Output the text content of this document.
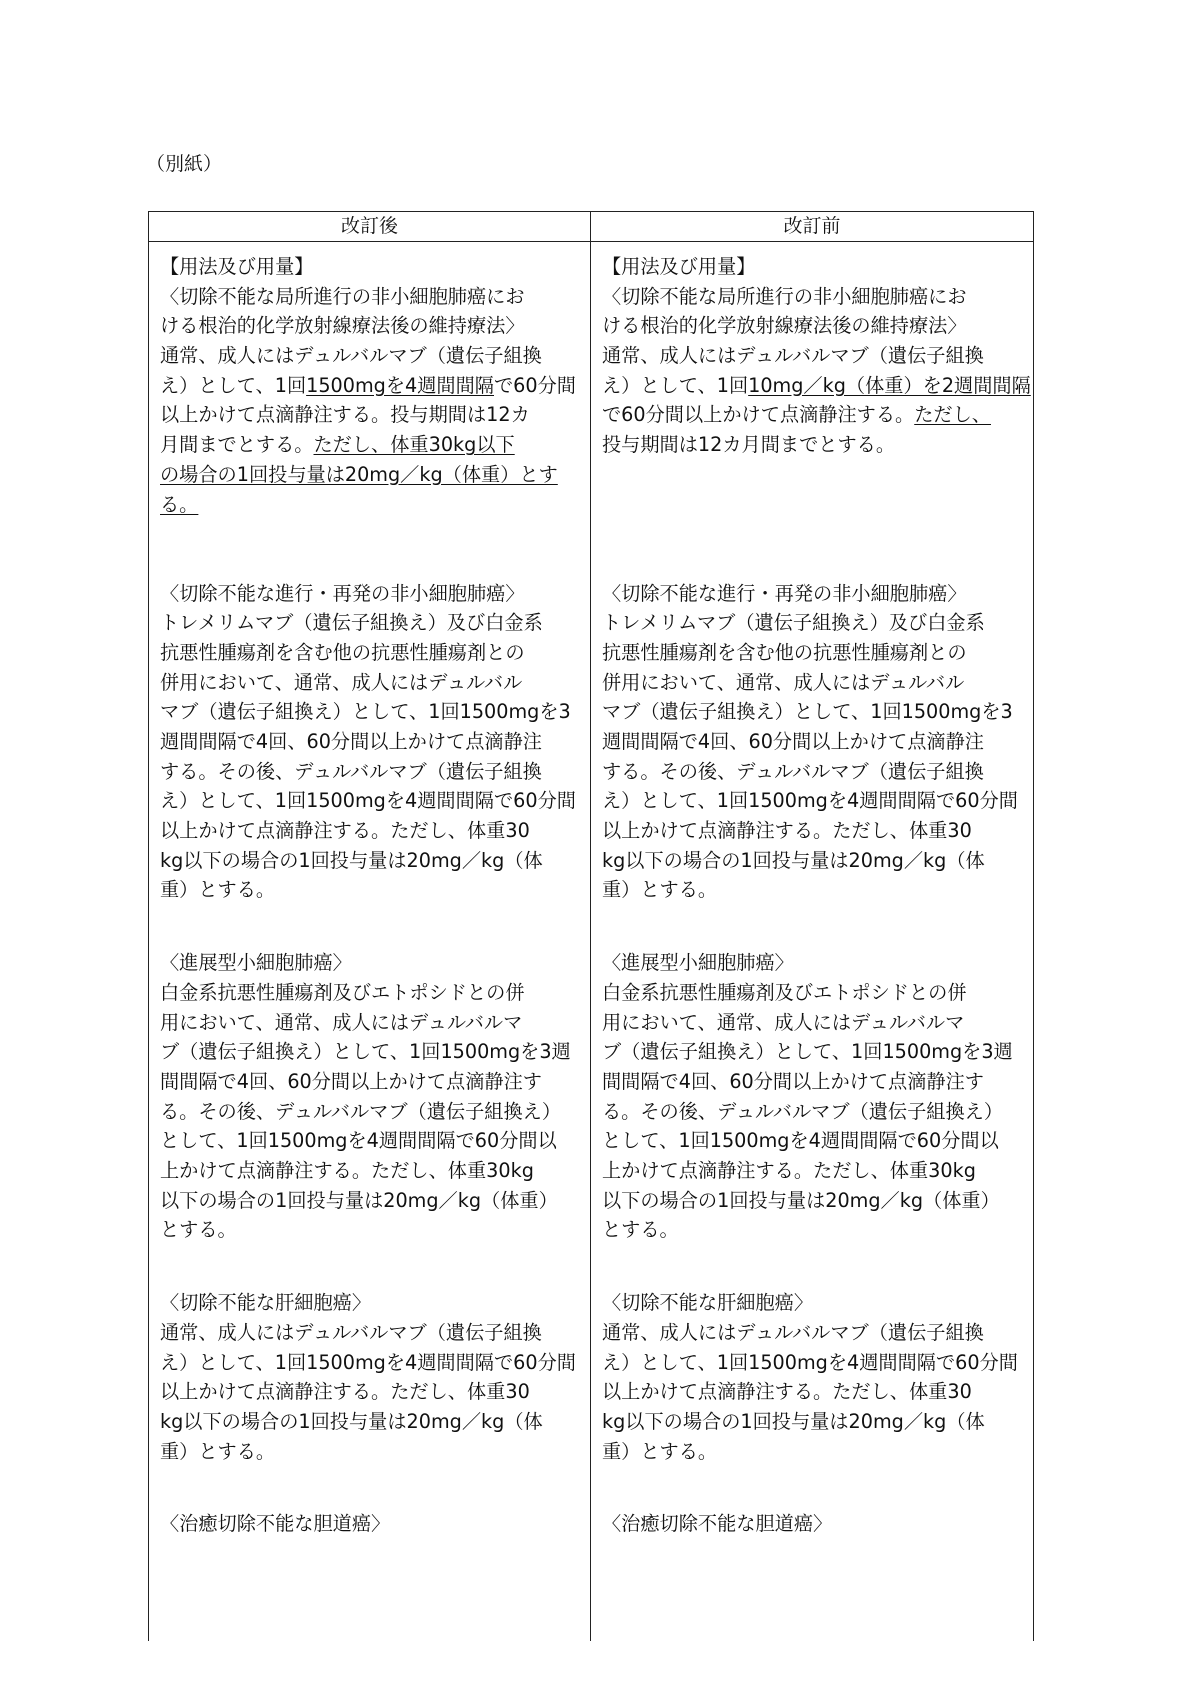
（別紙）
改訂後	改訂前
【用法及び用量】
〈切除不能な局所進行の非小細胞肺癌にお
ける根治的化学放射線療法後の維持療法〉
通常、成人にはデュルバルマブ（遺伝子組換
え）として、1回1500mgを4週間間隔で60分間
以上かけて点滴静注する。投与期間は12カ
月間までとする。ただし、体重30kg以下
の場合の1回投与量は20mg／kg（体重）とす
る。
〈切除不能な進行・再発の非小細胞肺癌〉
トレメリムマブ（遺伝子組換え）及び白金系
抗悪性腫瘍剤を含む他の抗悪性腫瘍剤との
併用において、通常、成人にはデュルバル
マブ（遺伝子組換え）として、1回1500mgを3
週間間隔で4回、60分間以上かけて点滴静注
する。その後、デュルバルマブ（遺伝子組換
え）として、1回1500mgを4週間間隔で60分間
以上かけて点滴静注する。ただし、体重30
kg以下の場合の1回投与量は20mg／kg（体
重）とする。
〈進展型小細胞肺癌〉
白金系抗悪性腫瘍剤及びエトポシドとの併
用において、通常、成人にはデュルバルマ
ブ（遺伝子組換え）として、1回1500mgを3週
間間隔で4回、60分間以上かけて点滴静注す
る。その後、デュルバルマブ（遺伝子組換え）
として、1回1500mgを4週間間隔で60分間以
上かけて点滴静注する。ただし、体重30kg
以下の場合の1回投与量は20mg／kg（体重）
とする。
〈切除不能な肝細胞癌〉
通常、成人にはデュルバルマブ（遺伝子組換
え）として、1回1500mgを4週間間隔で60分間
以上かけて点滴静注する。ただし、体重30
kg以下の場合の1回投与量は20mg／kg（体
重）とする。
〈治癒切除不能な胆道癌〉
【用法及び用量】
〈切除不能な局所進行の非小細胞肺癌にお
ける根治的化学放射線療法後の維持療法〉
通常、成人にはデュルバルマブ（遺伝子組換
え）として、1回10mg／kg（体重）を2週間間隔
で60分間以上かけて点滴静注する。ただし、
投与期間は12カ月間までとする。
〈切除不能な進行・再発の非小細胞肺癌〉
トレメリムマブ（遺伝子組換え）及び白金系
抗悪性腫瘍剤を含む他の抗悪性腫瘍剤との
併用において、通常、成人にはデュルバル
マブ（遺伝子組換え）として、1回1500mgを3
週間間隔で4回、60分間以上かけて点滴静注
する。その後、デュルバルマブ（遺伝子組換
え）として、1回1500mgを4週間間隔で60分間
以上かけて点滴静注する。ただし、体重30
kg以下の場合の1回投与量は20mg／kg（体
重）とする。
〈進展型小細胞肺癌〉
白金系抗悪性腫瘍剤及びエトポシドとの併
用において、通常、成人にはデュルバルマ
ブ（遺伝子組換え）として、1回1500mgを3週
間間隔で4回、60分間以上かけて点滴静注す
る。その後、デュルバルマブ（遺伝子組換え）
として、1回1500mgを4週間間隔で60分間以
上かけて点滴静注する。ただし、体重30kg
以下の場合の1回投与量は20mg／kg（体重）
とする。
〈切除不能な肝細胞癌〉
通常、成人にはデュルバルマブ（遺伝子組換
え）として、1回1500mgを4週間間隔で60分間
以上かけて点滴静注する。ただし、体重30
kg以下の場合の1回投与量は20mg／kg（体
重）とする。
〈治癒切除不能な胆道癌〉
